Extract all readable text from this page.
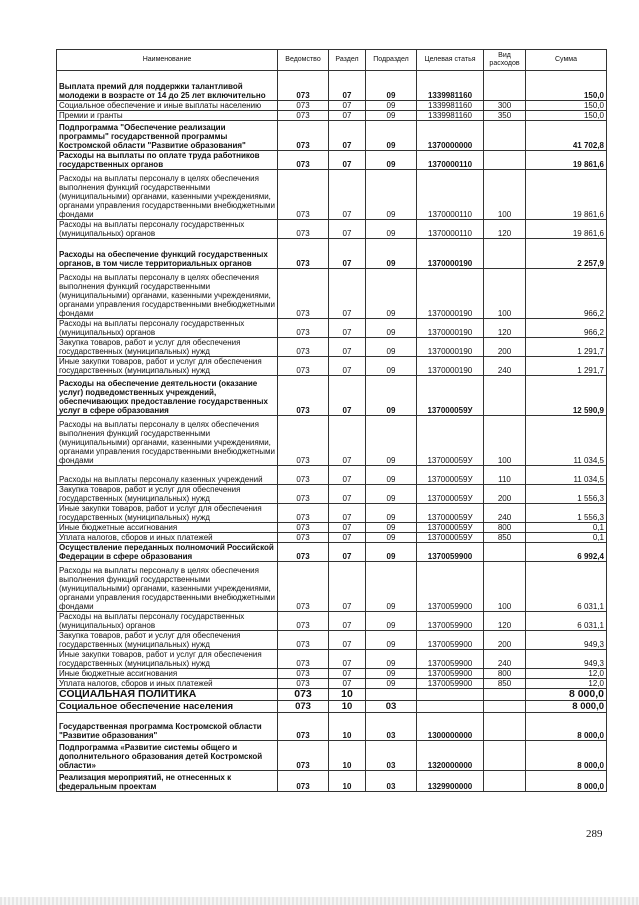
Наименование	Ведомство	Раздел	Подраздел	Целевая статья	Вид расходов	Сумма
Выплата премий для поддержки талантливой молодежи в возрасте от 14 до 25 лет включительно	073	07	09	1339981160		150,0
Социальное обеспечение и иные выплаты населению	073	07	09	1339981160	300	150,0
Премии и гранты	073	07	09	1339981160	350	150,0
Подпрограмма "Обеспечение реализации программы" государственной программы Костромской области "Развитие образования"	073	07	09	1370000000		41 702,8
Расходы на выплаты по оплате труда работников государственных органов	073	07	09	1370000110		19 861,6
Расходы на выплаты персоналу в целях обеспечения выполнения функций государственными (муниципальными) органами, казенными учреждениями, органами управления государственными внебюджетными фондами	073	07	09	1370000110	100	19 861,6
Расходы на выплаты персоналу государственных (муниципальных) органов	073	07	09	1370000110	120	19 861,6
Расходы на обеспечение функций государственных органов, в том числе территориальных органов	073	07	09	1370000190		2 257,9
Расходы на выплаты персоналу в целях обеспечения выполнения функций государственными (муниципальными) органами, казенными учреждениями, органами управления государственными внебюджетными фондами	073	07	09	1370000190	100	966,2
Расходы на выплаты персоналу государственных (муниципальных) органов	073	07	09	1370000190	120	966,2
Закупка товаров, работ и услуг для обеспечения государственных (муниципальных) нужд	073	07	09	1370000190	200	1 291,7
Иные закупки товаров, работ и услуг для обеспечения государственных (муниципальных) нужд	073	07	09	1370000190	240	1 291,7
Расходы на обеспечение деятельности (оказание услуг) подведомственных учреждений, обеспечивающих предоставление государственных услуг в сфере образования	073	07	09	137000059У		12 590,9
Расходы на выплаты персоналу в целях обеспечения выполнения функций государственными (муниципальными) органами, казенными учреждениями, органами управления государственными внебюджетными фондами	073	07	09	137000059У	100	11 034,5
Расходы на выплаты персоналу казенных учреждений	073	07	09	137000059У	110	11 034,5
Закупка товаров, работ и услуг для обеспечения государственных (муниципальных) нужд	073	07	09	137000059У	200	1 556,3
Иные закупки товаров, работ и услуг для обеспечения государственных (муниципальных) нужд	073	07	09	137000059У	240	1 556,3
Иные бюджетные ассигнования	073	07	09	137000059У	800	0,1
Уплата налогов, сборов и иных платежей	073	07	09	137000059У	850	0,1
Осуществление переданных полномочий Российской Федерации в сфере образования	073	07	09	1370059900		6 992,4
Расходы на выплаты персоналу в целях обеспечения выполнения функций государственными (муниципальными) органами, казенными учреждениями, органами управления государственными внебюджетными фондами	073	07	09	1370059900	100	6 031,1
Расходы на выплаты персоналу государственных (муниципальных) органов	073	07	09	1370059900	120	6 031,1
Закупка товаров, работ и услуг для обеспечения государственных (муниципальных) нужд	073	07	09	1370059900	200	949,3
Иные закупки товаров, работ и услуг для обеспечения государственных (муниципальных) нужд	073	07	09	1370059900	240	949,3
Иные бюджетные ассигнования	073	07	09	1370059900	800	12,0
Уплата налогов, сборов и иных платежей	073	07	09	1370059900	850	12,0
СОЦИАЛЬНАЯ ПОЛИТИКА	073	10				8 000,0
Социальное обеспечение населения	073	10	03			8 000,0
Государственная программа Костромской области "Развитие образования"	073	10	03	1300000000		8 000,0
Подпрограмма «Развитие системы общего и дополнительного образования детей Костромской области»	073	10	03	1320000000		8 000,0
Реализация мероприятий, не отнесенных к федеральным проектам	073	10	03	1329900000		8 000,0
289
